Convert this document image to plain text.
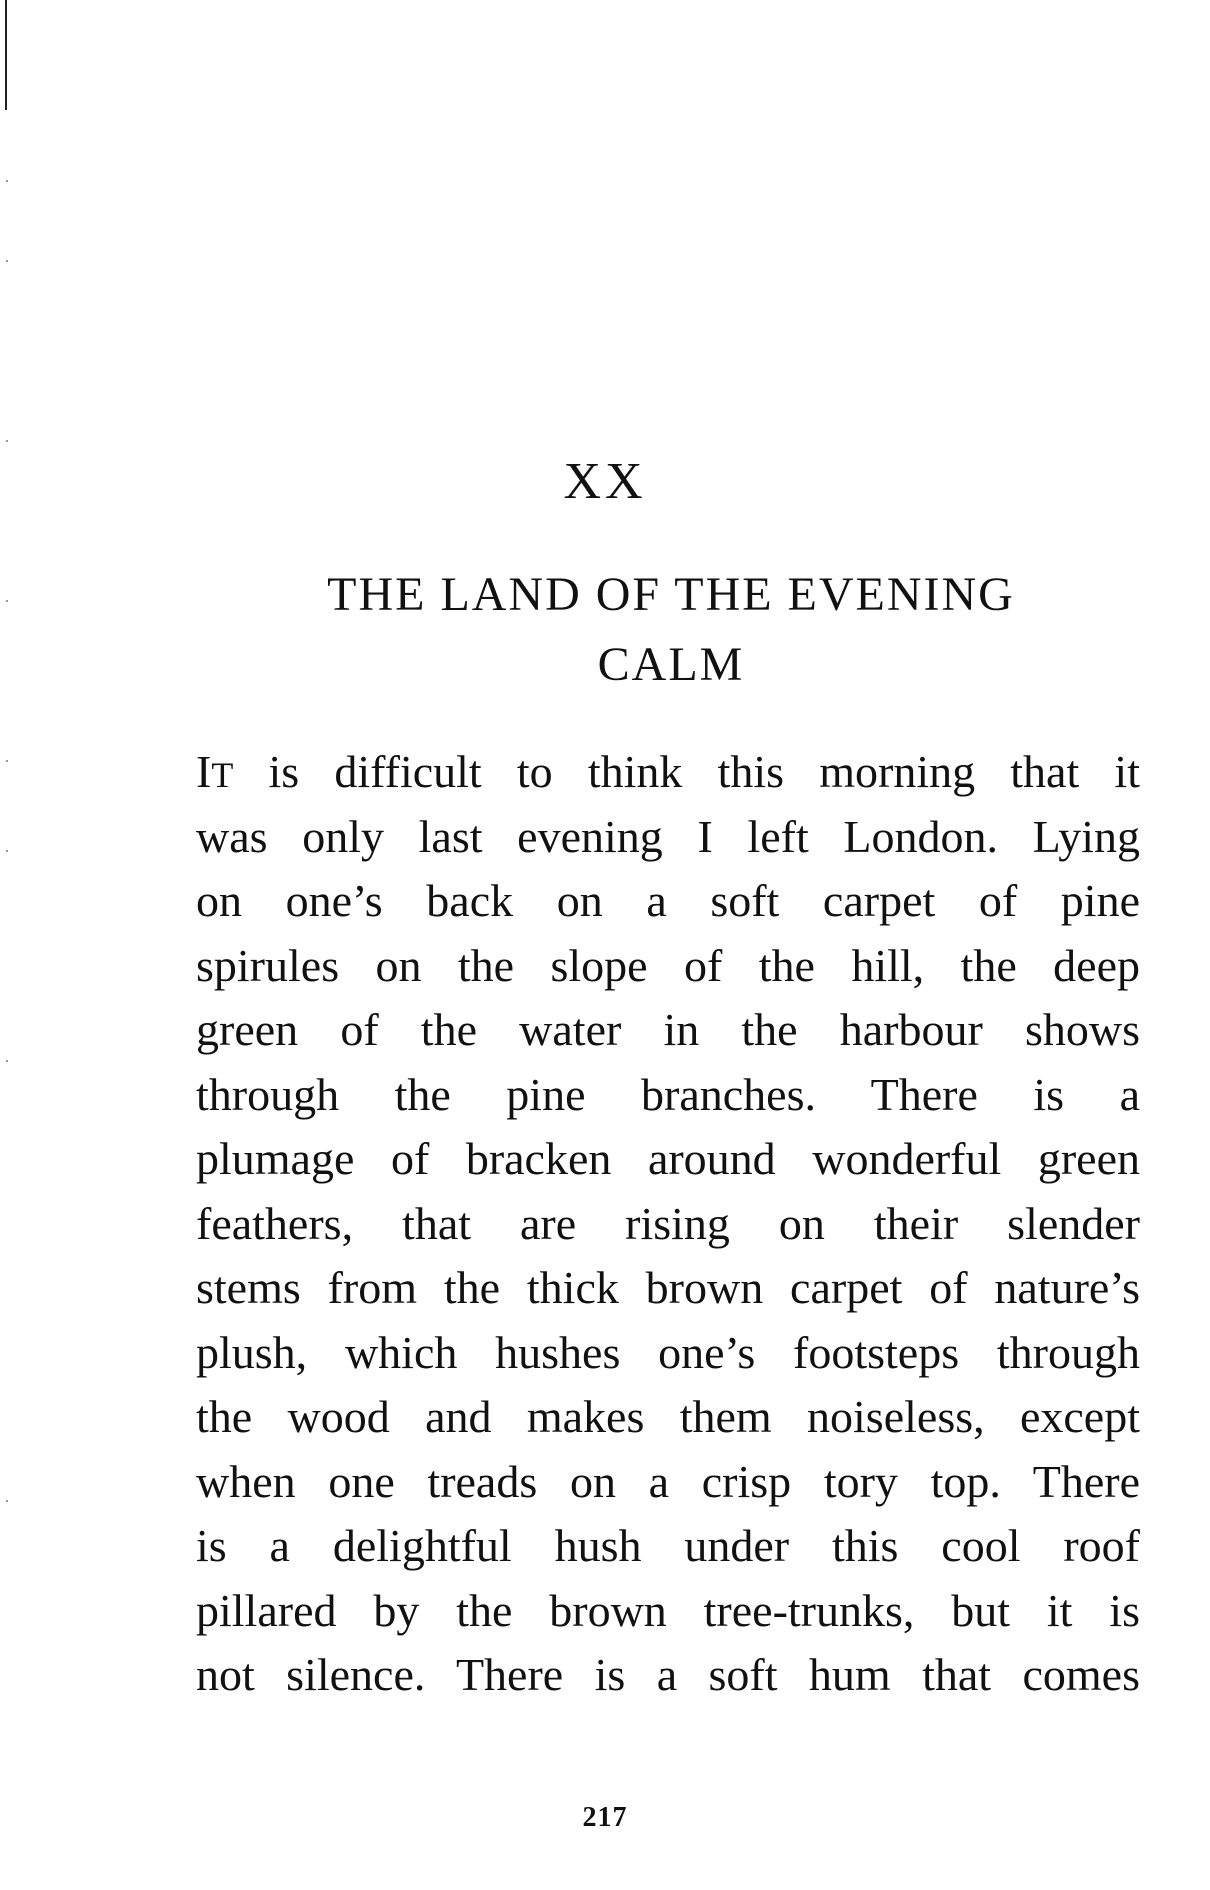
XX
THE LAND OF THE EVENING
CALM
IT is difficult to think this morning that it
was only last evening I left London. Lying
on one’s back on a soft carpet of pine
spirules on the slope of the hill, the deep
green of the water in the harbour shows
through the pine branches. There is a
plumage of bracken around wonderful green
feathers, that are rising on their slender
stems from the thick brown carpet of nature’s
plush, which hushes one’s footsteps through
the wood and makes them noiseless, except
when one treads on a crisp tory top. There
is a delightful hush under this cool roof
pillared by the brown tree-trunks, but it is
not silence. There is a soft hum that comes
217
